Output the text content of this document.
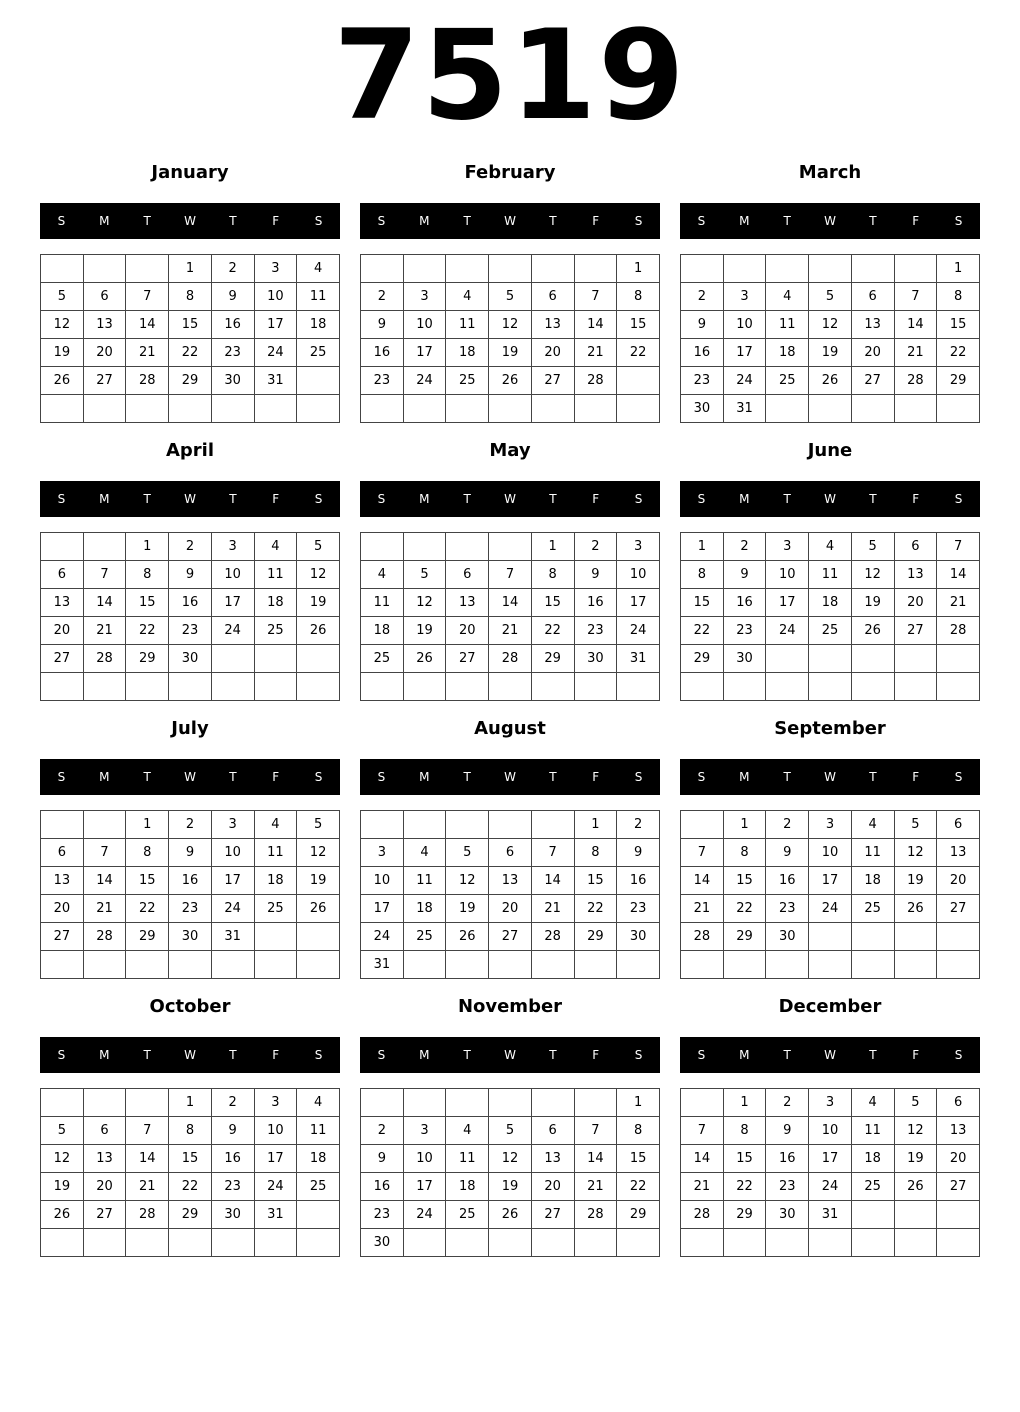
7519
January
S	M	T	W	T	F	S
			1	2	3	4
5	6	7	8	9	10	11
12	13	14	15	16	17	18
19	20	21	22	23	24	25
26	27	28	29	30	31	

February
S	M	T	W	T	F	S
						1
2	3	4	5	6	7	8
9	10	11	12	13	14	15
16	17	18	19	20	21	22
23	24	25	26	27	28	

March
S	M	T	W	T	F	S
						1
2	3	4	5	6	7	8
9	10	11	12	13	14	15
16	17	18	19	20	21	22
23	24	25	26	27	28	29
30	31					
April
S	M	T	W	T	F	S
		1	2	3	4	5
6	7	8	9	10	11	12
13	14	15	16	17	18	19
20	21	22	23	24	25	26
27	28	29	30			

May
S	M	T	W	T	F	S
				1	2	3
4	5	6	7	8	9	10
11	12	13	14	15	16	17
18	19	20	21	22	23	24
25	26	27	28	29	30	31

June
S	M	T	W	T	F	S
1	2	3	4	5	6	7
8	9	10	11	12	13	14
15	16	17	18	19	20	21
22	23	24	25	26	27	28
29	30					

July
S	M	T	W	T	F	S
		1	2	3	4	5
6	7	8	9	10	11	12
13	14	15	16	17	18	19
20	21	22	23	24	25	26
27	28	29	30	31		

August
S	M	T	W	T	F	S
					1	2
3	4	5	6	7	8	9
10	11	12	13	14	15	16
17	18	19	20	21	22	23
24	25	26	27	28	29	30
31						
September
S	M	T	W	T	F	S
	1	2	3	4	5	6
7	8	9	10	11	12	13
14	15	16	17	18	19	20
21	22	23	24	25	26	27
28	29	30				

October
S	M	T	W	T	F	S
			1	2	3	4
5	6	7	8	9	10	11
12	13	14	15	16	17	18
19	20	21	22	23	24	25
26	27	28	29	30	31	

November
S	M	T	W	T	F	S
						1
2	3	4	5	6	7	8
9	10	11	12	13	14	15
16	17	18	19	20	21	22
23	24	25	26	27	28	29
30						
December
S	M	T	W	T	F	S
	1	2	3	4	5	6
7	8	9	10	11	12	13
14	15	16	17	18	19	20
21	22	23	24	25	26	27
28	29	30	31			
